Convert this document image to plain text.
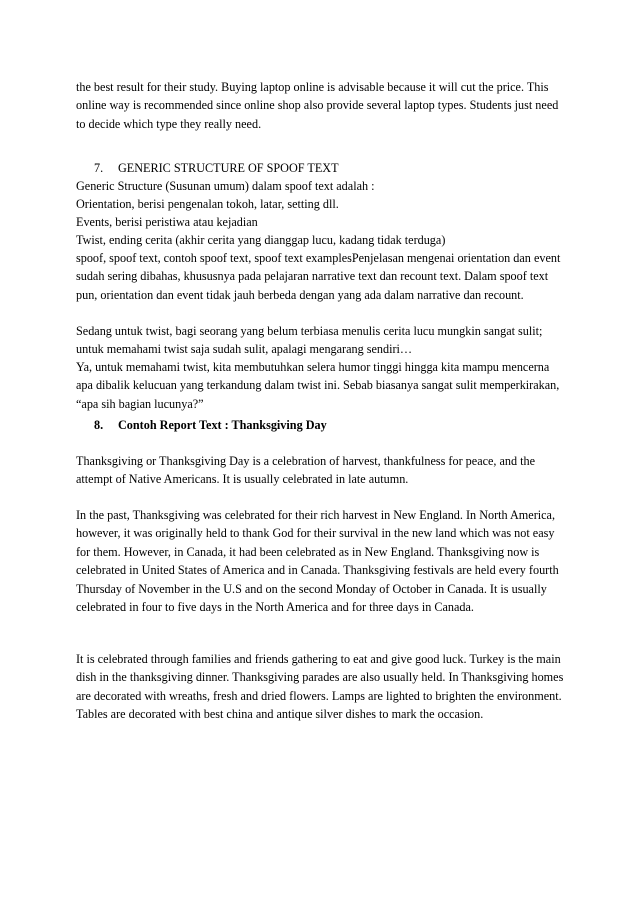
the best result for their study. Buying laptop online is advisable because it will cut the price. This online way is recommended since online shop also provide several laptop types. Students just need to decide which type they really need.

7. GENERIC STRUCTURE OF SPOOF TEXT

Generic Structure (Susunan umum) dalam spoof text adalah :

Orientation, berisi pengenalan tokoh, latar, setting dll.

Events, berisi peristiwa atau kejadian

Twist, ending cerita (akhir cerita yang dianggap lucu, kadang tidak terduga)

spoof, spoof text, contoh spoof text, spoof text examplesPenjelasan mengenai orientation dan event sudah sering dibahas, khususnya pada pelajaran narrative text dan recount text. Dalam spoof text pun, orientation dan event tidak jauh berbeda dengan yang ada dalam narrative dan recount.

Sedang untuk twist, bagi seorang yang belum terbiasa menulis cerita lucu mungkin sangat sulit; untuk memahami twist saja sudah sulit, apalagi mengarang sendiri…

Ya, untuk memahami twist, kita membutuhkan selera humor tinggi hingga kita mampu mencerna apa dibalik kelucuan yang terkandung dalam twist ini. Sebab biasanya sangat sulit memperkirakan, “apa sih bagian lucunya?”

8. Contoh Report Text : Thanksgiving Day

Thanksgiving or Thanksgiving Day is a celebration of harvest, thankfulness for peace, and the attempt of Native Americans. It is usually celebrated in late autumn.

In the past, Thanksgiving was celebrated for their rich harvest in New England. In North America, however, it was originally held to thank God for their survival in the new land which was not easy for them. However, in Canada, it had been celebrated as in New England. Thanksgiving now is celebrated in United States of America and in Canada. Thanksgiving festivals are held every fourth Thursday of November in the U.S and on the second Monday of October in Canada. It is usually celebrated in four to five days in the North America and for three days in Canada.

It is celebrated through families and friends gathering to eat and give good luck. Turkey is the main dish in the thanksgiving dinner. Thanksgiving parades are also usually held. In Thanksgiving homes are decorated with wreaths, fresh and dried flowers. Lamps are lighted to brighten the environment. Tables are decorated with best china and antique silver dishes to mark the occasion.
